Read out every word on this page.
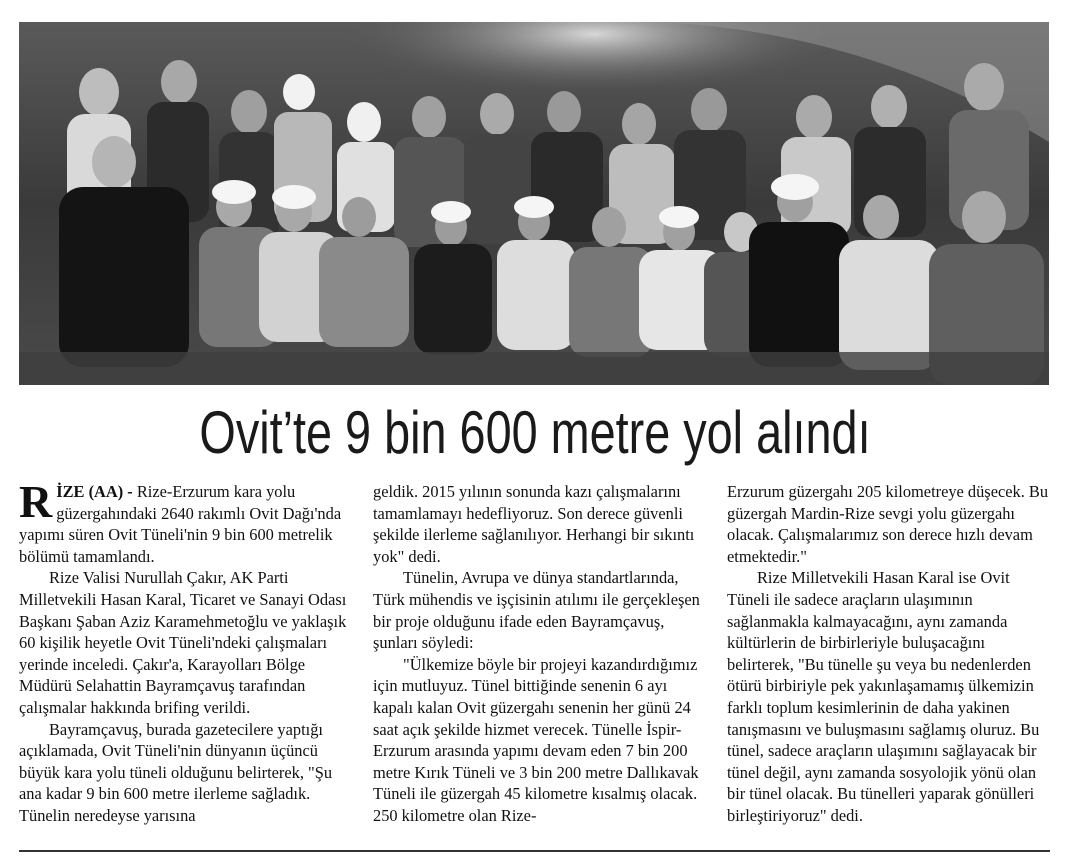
Ovit’te 9 bin 600 metre yol alındı

RİZE (AA) - Rize-Erzurum kara yolu güzergahındaki 2640 rakımlı Ovit Dağı'nda yapımı süren Ovit Tüneli'nin 9 bin 600 metrelik bölümü tamamlandı.

Rize Valisi Nurullah Çakır, AK Parti Milletvekili Hasan Karal, Ticaret ve Sanayi Odası Başkanı Şaban Aziz Karamehmetoğlu ve yaklaşık 60 kişilik heyetle Ovit Tüneli'ndeki çalışmaları yerinde inceledi. Çakır'a, Karayolları Bölge Müdürü Selahattin Bayramçavuş tarafından çalışmalar hakkında brifing verildi.

Bayramçavuş, burada gazetecilere yaptığı açıklamada, Ovit Tüneli'nin dünyanın üçüncü büyük kara yolu tüneli olduğunu belirterek, "Şu ana kadar 9 bin 600 metre ilerleme sağladık. Tünelin neredeyse yarısına

geldik. 2015 yılının sonunda kazı çalışmalarını tamamlamayı hedefliyoruz. Son derece güvenli şekilde ilerleme sağlanılıyor. Herhangi bir sıkıntı yok" dedi.

Tünelin, Avrupa ve dünya standartlarında, Türk mühendis ve işçisinin atılımı ile gerçekleşen bir proje olduğunu ifade eden Bayramçavuş, şunları söyledi:

"Ülkemize böyle bir projeyi kazandırdığımız için mutluyuz. Tünel bittiğinde senenin 6 ayı kapalı kalan Ovit güzergahı senenin her günü 24 saat açık şekilde hizmet verecek. Tünelle İspir-Erzurum arasında yapımı devam eden 7 bin 200 metre Kırık Tüneli ve 3 bin 200 metre Dallıkavak Tüneli ile güzergah 45 kilometre kısalmış olacak. 250 kilometre olan Rize-

Erzurum güzergahı 205 kilometreye düşecek. Bu güzergah Mardin-Rize sevgi yolu güzergahı olacak. Çalışmalarımız son derece hızlı devam etmektedir."

Rize Milletvekili Hasan Karal ise Ovit Tüneli ile sadece araçların ulaşımının sağlanmakla kalmayacağını, aynı zamanda kültürlerin de birbirleriyle buluşacağını belirterek, "Bu tünelle şu veya bu nedenlerden ötürü birbiriyle pek yakınlaşamamış ülkemizin farklı toplum kesimlerinin de daha yakinen tanışmasını ve buluşmasını sağlamış oluruz. Bu tünel, sadece araçların ulaşımını sağlayacak bir tünel değil, aynı zamanda sosyolojik yönü olan bir tünel olacak. Bu tünelleri yaparak gönülleri birleştiriyoruz" dedi.
